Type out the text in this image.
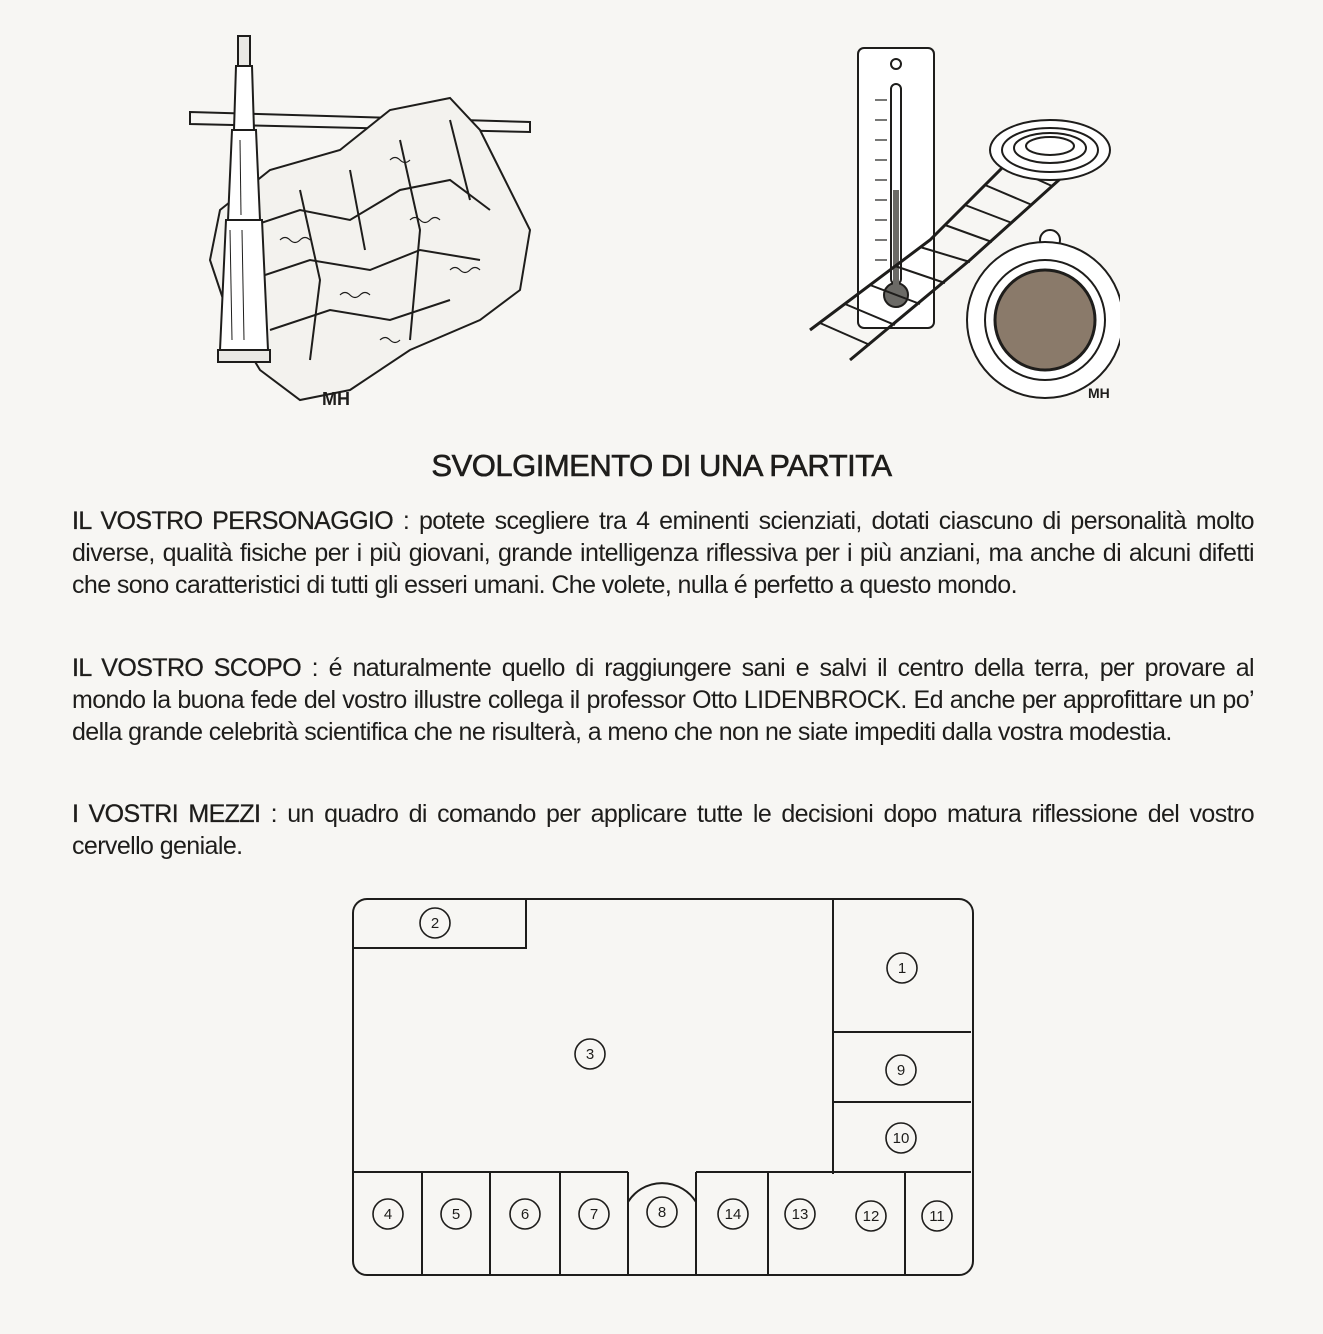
MH	MH
SVOLGIMENTO DI UNA PARTITA
IL VOSTRO PERSONAGGIO : potete scegliere tra 4 eminenti scienziati, dotati ciascuno di personalità molto diverse, qualità fisiche per i più giovani, grande intelligenza riflessiva per i più anziani, ma anche di alcuni difetti che sono caratteristici di tutti gli esseri umani. Che volete, nulla é perfetto a questo mondo.
IL VOSTRO SCOPO : é naturalmente quello di raggiungere sani e salvi il centro della terra, per provare al mondo la buona fede del vostro illustre collega il professor Otto LIDENBROCK. Ed anche per approfittare un po’ della grande celebrità scientifica che ne risulterà, a meno che non ne siate impediti dalla vostra modestia.
I VOSTRI MEZZI : un quadro di comando per applicare tutte le decisioni dopo matura riflessione del vostro cervello geniale.
1
2
3
4	5	6	7	8
9
10
11
12
13
14
